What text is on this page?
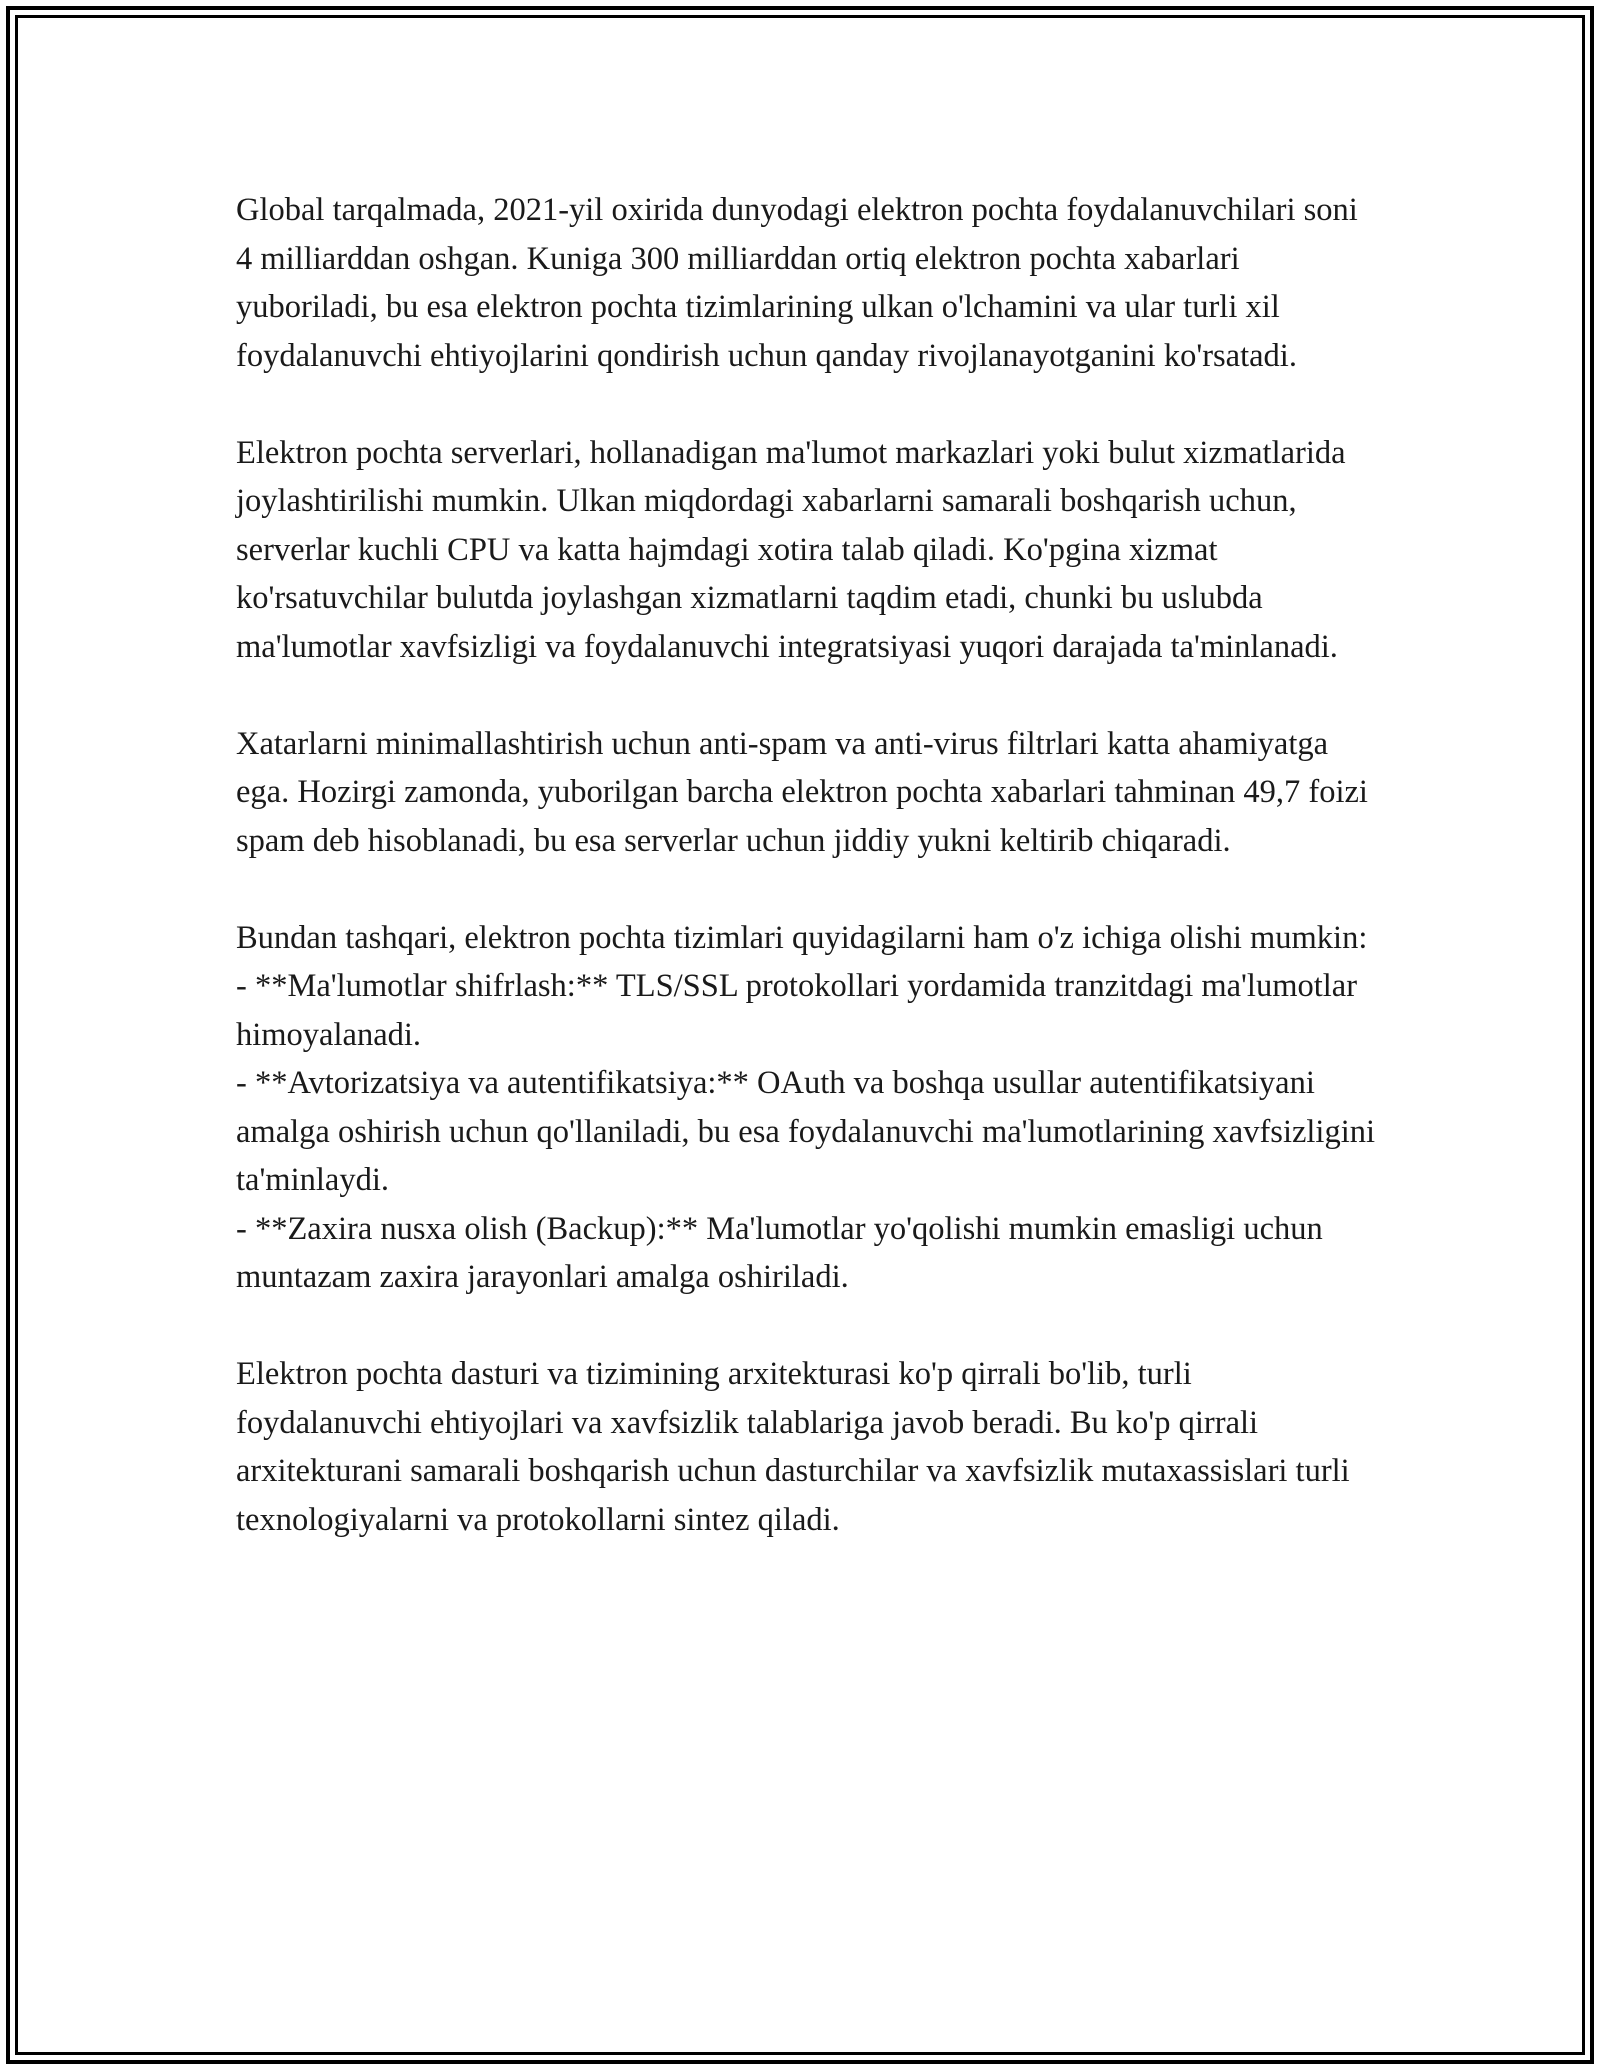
Global tarqalmada, 2021-yil oxirida dunyodagi elektron pochta foydalanuvchilari soni 4 milliarddan oshgan. Kuniga 300 milliarddan ortiq elektron pochta xabarlari yuboriladi, bu esa elektron pochta tizimlarining ulkan o'lchamini va ular turli xil foydalanuvchi ehtiyojlarini qondirish uchun qanday rivojlanayotganini ko'rsatadi.

Elektron pochta serverlari, hollanadigan ma'lumot markazlari yoki bulut xizmatlarida joylashtirilishi mumkin. Ulkan miqdordagi xabarlarni samarali boshqarish uchun, serverlar kuchli CPU va katta hajmdagi xotira talab qiladi. Ko'pgina xizmat ko'rsatuvchilar bulutda joylashgan xizmatlarni taqdim etadi, chunki bu uslubda ma'lumotlar xavfsizligi va foydalanuvchi integratsiyasi yuqori darajada ta'minlanadi.

Xatarlarni minimallashtirish uchun anti-spam va anti-virus filtrlari katta ahamiyatga ega. Hozirgi zamonda, yuborilgan barcha elektron pochta xabarlari tahminan 49,7 foizi spam deb hisoblanadi, bu esa serverlar uchun jiddiy yukni keltirib chiqaradi.

Bundan tashqari, elektron pochta tizimlari quyidagilarni ham o'z ichiga olishi mumkin:
- **Ma'lumotlar shifrlash:** TLS/SSL protokollari yordamida tranzitdagi ma'lumotlar himoyalanadi.
- **Avtorizatsiya va autentifikatsiya:** OAuth va boshqa usullar autentifikatsiyani amalga oshirish uchun qo'llaniladi, bu esa foydalanuvchi ma'lumotlarining xavfsizligini ta'minlaydi.
- **Zaxira nusxa olish (Backup):** Ma'lumotlar yo'qolishi mumkin emasligi uchun muntazam zaxira jarayonlari amalga oshiriladi.

Elektron pochta dasturi va tizimining arxitekturasi ko'p qirrali bo'lib, turli foydalanuvchi ehtiyojlari va xavfsizlik talablariga javob beradi. Bu ko'p qirrali arxitekturani samarali boshqarish uchun dasturchilar va xavfsizlik mutaxassislari turli texnologiyalarni va protokollarni sintez qiladi.
